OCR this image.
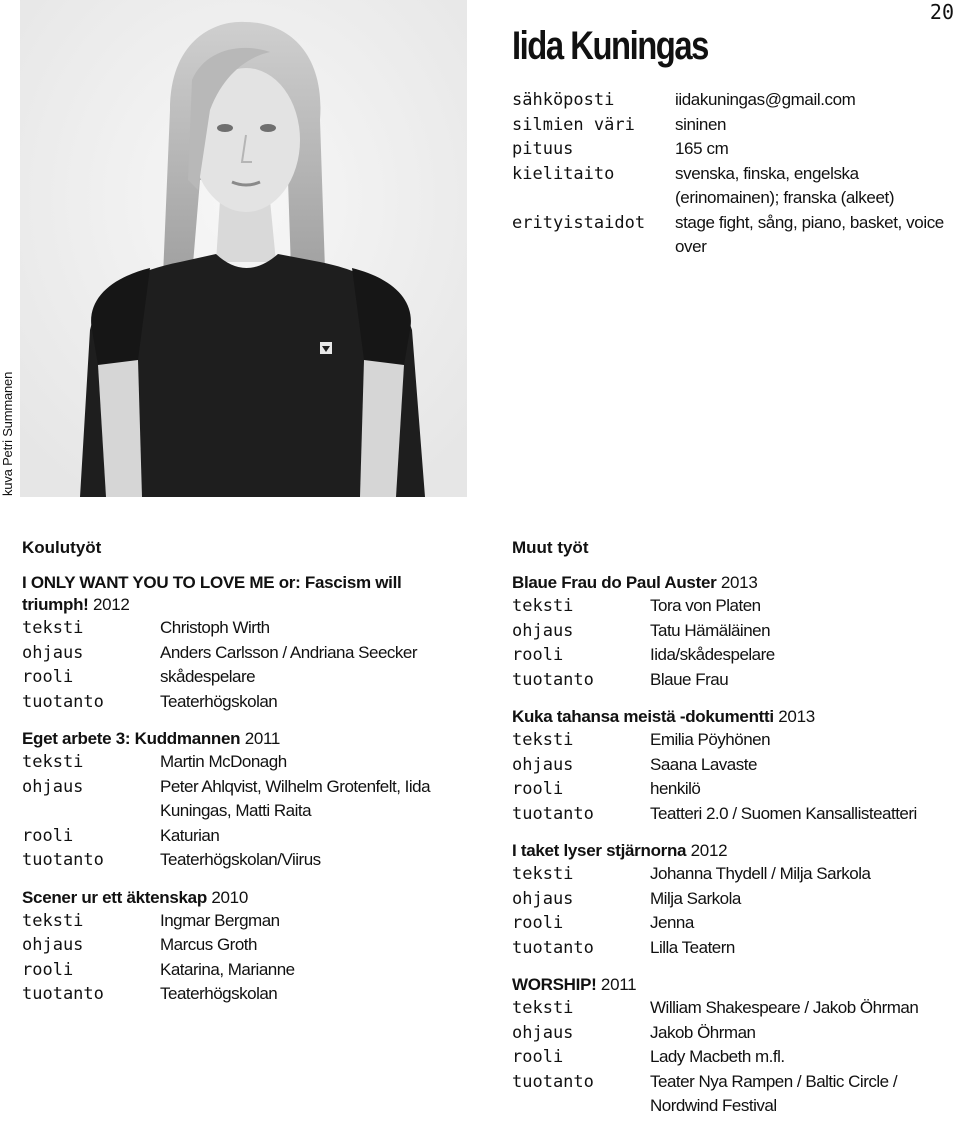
20
kuva Petri Summanen
Iida Kuningas
sähköposti	iidakuningas@gmail.com
silmien väri	sininen
pituus	165 cm
kielitaito	svenska, finska, engelska (erinomainen); franska (alkeet)
erityistaidot	stage fight, sång, piano, basket, voice over
Koulutyöt
I ONLY WANT YOU TO LOVE ME or: Fascism will triumph! 2012
teksti	Christoph Wirth
ohjaus	Anders Carlsson / Andriana Seecker
rooli	skådespelare
tuotanto	Teaterhögskolan
Eget arbete 3: Kuddmannen 2011
teksti	Martin McDonagh
ohjaus	Peter Ahlqvist, Wilhelm Grotenfelt, Iida Kuningas, Matti Raita
rooli	Katurian
tuotanto	Teaterhögskolan/Viirus
Scener ur ett äktenskap 2010
teksti	Ingmar Bergman
ohjaus	Marcus Groth
rooli	Katarina, Marianne
tuotanto	Teaterhögskolan
Muut työt
Blaue Frau do Paul Auster 2013
teksti	Tora von Platen
ohjaus	Tatu Hämäläinen
rooli	Iida/skådespelare
tuotanto	Blaue Frau
Kuka tahansa meistä -dokumentti 2013
teksti	Emilia Pöyhönen
ohjaus	Saana Lavaste
rooli	henkilö
tuotanto	Teatteri 2.0 / Suomen Kansallisteatteri
I taket lyser stjärnorna 2012
teksti	Johanna Thydell / Milja Sarkola
ohjaus	Milja Sarkola
rooli	Jenna
tuotanto	Lilla Teatern
WORSHIP! 2011
teksti	William Shakespeare / Jakob Öhrman
ohjaus	Jakob Öhrman
rooli	Lady Macbeth m.fl.
tuotanto	Teater Nya Rampen / Baltic Circle / Nordwind Festival
